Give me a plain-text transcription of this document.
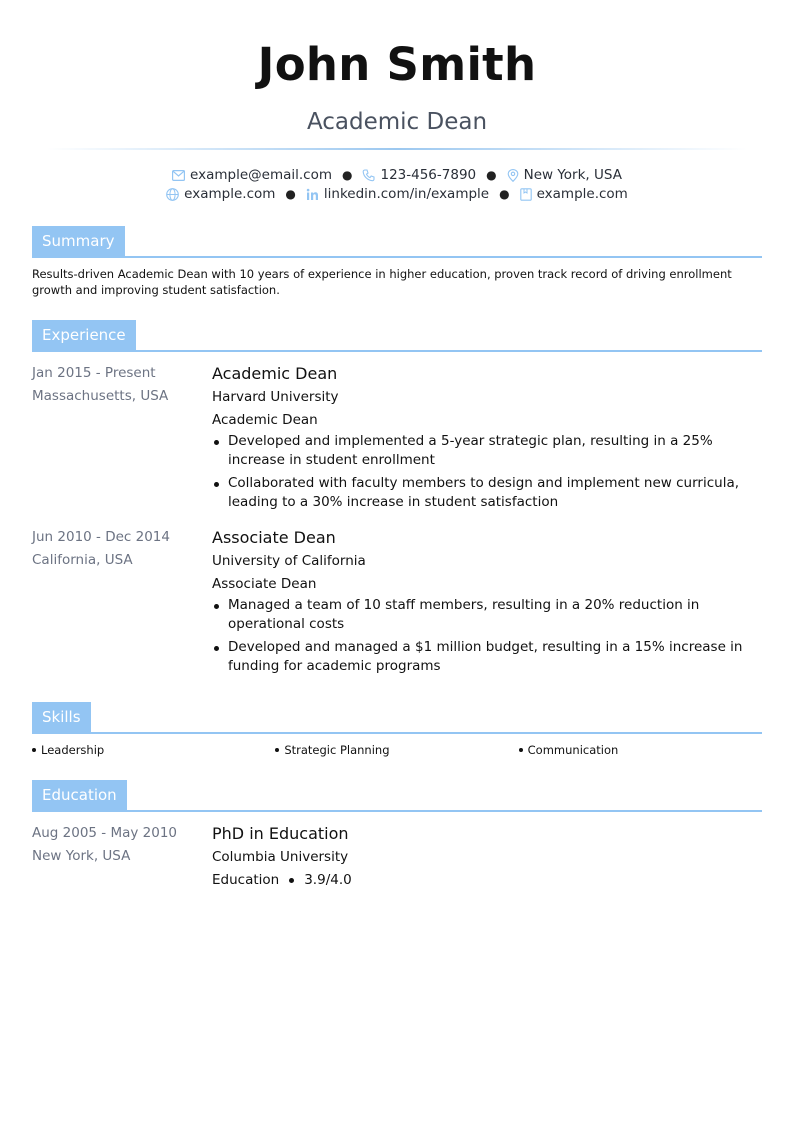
John Smith
Academic Dean
example@email.com ● 123-456-7890 ● New York, USA
example.com ● linkedin.com/in/example ● example.com
Summary
Results-driven Academic Dean with 10 years of experience in higher education, proven track record of driving enrollment growth and improving student satisfaction.
Experience
Jan 2015 - Present
Massachusetts, USA
Academic Dean
Harvard University
Academic Dean
Developed and implemented a 5-year strategic plan, resulting in a 25% increase in student enrollment
Collaborated with faculty members to design and implement new curricula, leading to a 30% increase in student satisfaction
Jun 2010 - Dec 2014
California, USA
Associate Dean
University of California
Associate Dean
Managed a team of 10 staff members, resulting in a 20% reduction in operational costs
Developed and managed a $1 million budget, resulting in a 15% increase in funding for academic programs
Skills
Leadership	Strategic Planning	Communication
Education
Aug 2005 - May 2010
New York, USA
PhD in Education
Columbia University
Education 3.9/4.0
